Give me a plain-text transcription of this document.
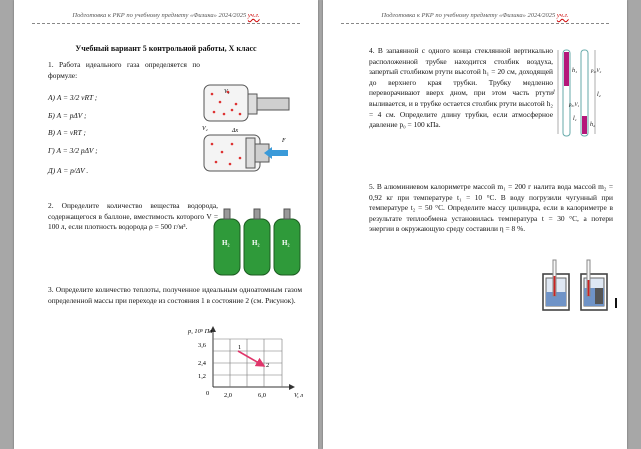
Подготовка к РКР по учебному предмету «Физика» 2024/2025 уч.г.
Учебный вариант 5 контрольной работы, X класс
1. Работа идеального газа определяется по формуле:
А) A = 3/2 νRT ;
Б) A = pΔV ;
В) A = νRT ;
Г) A = 3/2 pΔV ;
Д) A = p/ΔV .
V₁
V₂	Δx
F
2. Определите количество вещества водорода, содержащегося в баллоне, вместимость которого V = 100 л, если плотность водорода ρ = 500 г/м³.
H₂	H₂	H₂
3. Определите количество теплоты, полученное идеальным одноатомным газом определенной массы при переходе из состояния 1 в состояние 2 (см. Рисунок).
p, 10⁵ Па
V, л
3,6
2,4
1,2
0 2,0	6,0
1
2
Подготовка к РКР по учебному предмету «Физика» 2024/2025 уч.г.
4. В запаянной с одного конца стеклянной вертикально расположенной трубке находится столбик воздуха, запертый столбиком ртути высотой h₁ = 20 см, доходящей до верхнего края трубки. Трубку медленно переворачивают вверх дном, при этом часть ртути выливается, и в трубке остается столбик ртути высотой h₂ = 4 см. Определите длину трубки, если атмосферное давление p₀ = 100 кПа.
h₁
h₂
p₀,V₁
p₂,V₂
l
l₁
l₂
5. В алюминиевом калориметре массой m₁ = 200 г налита вода массой m₂ = 0,92 кг при температуре t₁ = 10 °С. В воду погрузили чугунный при температуре t₂ = 50 °С. Определите массу цилиндра, если в калориметре в результате теплообмена установилась температура t = 30 °С, а потери энергии в окружающую среду составили η = 8 %.
